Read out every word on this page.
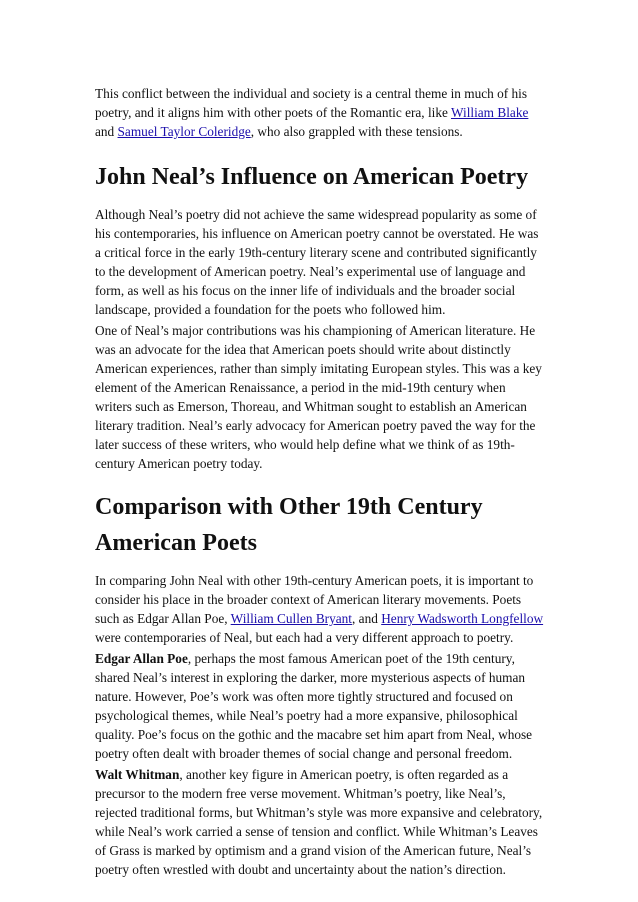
This conflict between the individual and society is a central theme in much of his poetry, and it aligns him with other poets of the Romantic era, like William Blake and Samuel Taylor Coleridge, who also grappled with these tensions.

John Neal’s Influence on American Poetry

Although Neal’s poetry did not achieve the same widespread popularity as some of his contemporaries, his influence on American poetry cannot be overstated. He was a critical force in the early 19th-century literary scene and contributed significantly to the development of American poetry. Neal’s experimental use of language and form, as well as his focus on the inner life of individuals and the broader social landscape, provided a foundation for the poets who followed him.

One of Neal’s major contributions was his championing of American literature. He was an advocate for the idea that American poets should write about distinctly American experiences, rather than simply imitating European styles. This was a key element of the American Renaissance, a period in the mid-19th century when writers such as Emerson, Thoreau, and Whitman sought to establish an American literary tradition. Neal’s early advocacy for American poetry paved the way for the later success of these writers, who would help define what we think of as 19th-century American poetry today.

Comparison with Other 19th Century American Poets

In comparing John Neal with other 19th-century American poets, it is important to consider his place in the broader context of American literary movements. Poets such as Edgar Allan Poe, William Cullen Bryant, and Henry Wadsworth Longfellow were contemporaries of Neal, but each had a very different approach to poetry.

Edgar Allan Poe, perhaps the most famous American poet of the 19th century, shared Neal’s interest in exploring the darker, more mysterious aspects of human nature. However, Poe’s work was often more tightly structured and focused on psychological themes, while Neal’s poetry had a more expansive, philosophical quality. Poe’s focus on the gothic and the macabre set him apart from Neal, whose poetry often dealt with broader themes of social change and personal freedom.

Walt Whitman, another key figure in American poetry, is often regarded as a precursor to the modern free verse movement. Whitman’s poetry, like Neal’s, rejected traditional forms, but Whitman’s style was more expansive and celebratory, while Neal’s work carried a sense of tension and conflict. While Whitman’s Leaves of Grass is marked by optimism and a grand vision of the American future, Neal’s poetry often wrestled with doubt and uncertainty about the nation’s direction.
